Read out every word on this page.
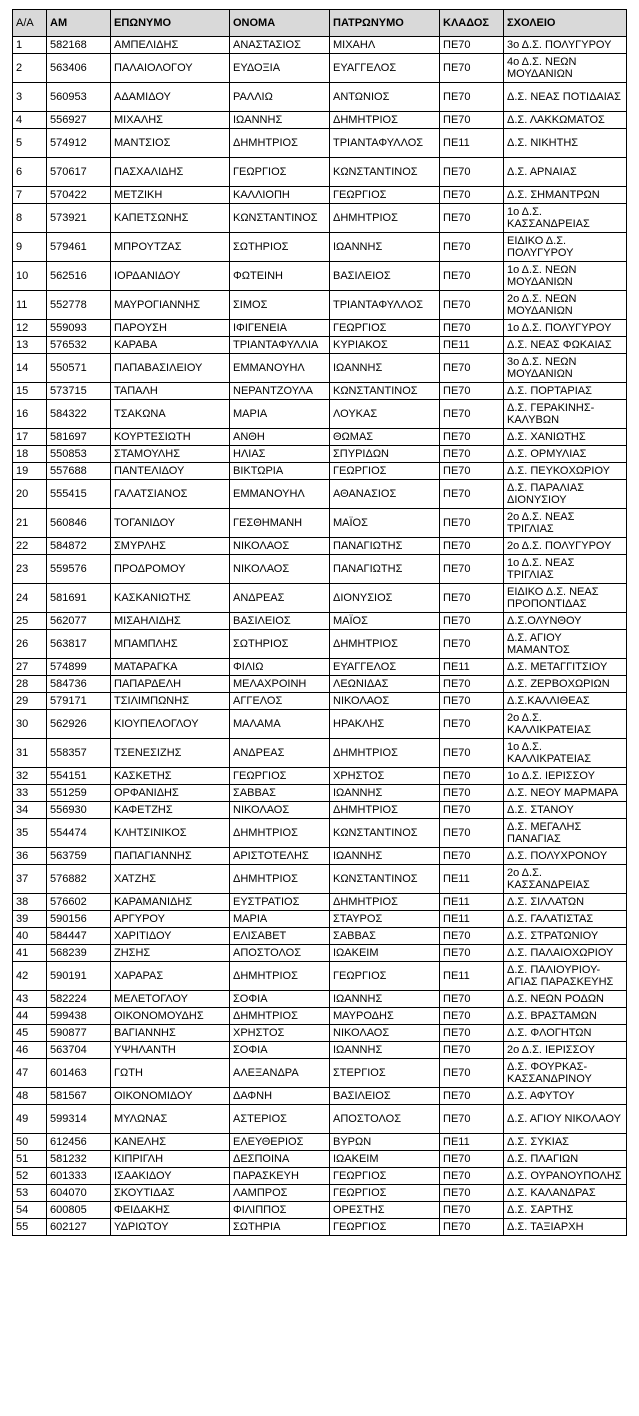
Α/Α	ΑΜ	ΕΠΩΝΥΜΟ	ΟΝΟΜΑ	ΠΑΤΡΩΝΥΜΟ	ΚΛΑΔΟΣ	ΣΧΟΛΕΙΟ
1	582168	ΑΜΠΕΛΙΔΗΣ	ΑΝΑΣΤΑΣΙΟΣ	ΜΙΧΑΗΛ	ΠΕ70	3ο Δ.Σ. ΠΟΛΥΓΥΡΟΥ
2	563406	ΠΑΛΑΙΟΛΟΓΟΥ	ΕΥΔΟΞΙΑ	ΕΥΑΓΓΕΛΟΣ	ΠΕ70	4ο Δ.Σ. ΝΕΩΝ ΜΟΥΔΑΝΙΩΝ
3	560953	ΑΔΑΜΙΔΟΥ	ΡΑΛΛΙΩ	ΑΝΤΩΝΙΟΣ	ΠΕ70	Δ.Σ. ΝΕΑΣ ΠΟΤΙΔΑΙΑΣ
4	556927	ΜΙΧΑΛΗΣ	ΙΩΑΝΝΗΣ	ΔΗΜΗΤΡΙΟΣ	ΠΕ70	Δ.Σ. ΛΑΚΚΩΜΑΤΟΣ
5	574912	ΜΑΝΤΣΙΟΣ	ΔΗΜΗΤΡΙΟΣ	ΤΡΙΑΝΤΑΦΥΛΛΟΣ	ΠΕ11	Δ.Σ. ΝΙΚΗΤΗΣ
6	570617	ΠΑΣΧΑΛΙΔΗΣ	ΓΕΩΡΓΙΟΣ	ΚΩΝΣΤΑΝΤΙΝΟΣ	ΠΕ70	Δ.Σ. ΑΡΝΑΙΑΣ
7	570422	ΜΕΤΖΙΚΗ	ΚΑΛΛΙΟΠΗ	ΓΕΩΡΓΙΟΣ	ΠΕ70	Δ.Σ. ΣΗΜΑΝΤΡΩΝ
8	573921	ΚΑΠΕΤΣΩΝΗΣ	ΚΩΝΣΤΑΝΤΙΝΟΣ	ΔΗΜΗΤΡΙΟΣ	ΠΕ70	1ο Δ.Σ. ΚΑΣΣΑΝΔΡΕΙΑΣ
9	579461	ΜΠΡΟΥΤΖΑΣ	ΣΩΤΗΡΙΟΣ	ΙΩΑΝΝΗΣ	ΠΕ70	ΕΙΔΙΚΟ Δ.Σ. ΠΟΛΥΓΥΡΟΥ
10	562516	ΙΟΡΔΑΝΙΔΟΥ	ΦΩΤΕΙΝΗ	ΒΑΣΙΛΕΙΟΣ	ΠΕ70	1ο Δ.Σ. ΝΕΩΝ ΜΟΥΔΑΝΙΩΝ
11	552778	ΜΑΥΡΟΓΙΑΝΝΗΣ	ΣΙΜΟΣ	ΤΡΙΑΝΤΑΦΥΛΛΟΣ	ΠΕ70	2ο Δ.Σ. ΝΕΩΝ ΜΟΥΔΑΝΙΩΝ
12	559093	ΠΑΡΟΥΣΗ	ΙΦΙΓΕΝΕΙΑ	ΓΕΩΡΓΙΟΣ	ΠΕ70	1ο Δ.Σ. ΠΟΛΥΓΥΡΟΥ
13	576532	ΚΑΡΑΒΑ	ΤΡΙΑΝΤΑΦΥΛΛΙΑ	ΚΥΡΙΑΚΟΣ	ΠΕ11	Δ.Σ. ΝΕΑΣ ΦΩΚΑΙΑΣ
14	550571	ΠΑΠΑΒΑΣΙΛΕΙΟΥ	ΕΜΜΑΝΟΥΗΛ	ΙΩΑΝΝΗΣ	ΠΕ70	3ο Δ.Σ. ΝΕΩΝ ΜΟΥΔΑΝΙΩΝ
15	573715	ΤΑΠΑΛΗ	ΝΕΡΑΝΤΖΟΥΛΑ	ΚΩΝΣΤΑΝΤΙΝΟΣ	ΠΕ70	Δ.Σ. ΠΟΡΤΑΡΙΑΣ
16	584322	ΤΣΑΚΩΝΑ	ΜΑΡΙΑ	ΛΟΥΚΑΣ	ΠΕ70	Δ.Σ. ΓΕΡΑΚΙΝΗΣ-ΚΑΛΥΒΩΝ
17	581697	ΚΟΥΡΤΕΣΙΩΤΗ	ΑΝΘΗ	ΘΩΜΑΣ	ΠΕ70	Δ.Σ. ΧΑΝΙΩΤΗΣ
18	550853	ΣΤΑΜΟΥΛΗΣ	ΗΛΙΑΣ	ΣΠΥΡΙΔΩΝ	ΠΕ70	Δ.Σ. ΟΡΜΥΛΙΑΣ
19	557688	ΠΑΝΤΕΛΙΔΟΥ	ΒΙΚΤΩΡΙΑ	ΓΕΩΡΓΙΟΣ	ΠΕ70	Δ.Σ. ΠΕΥΚΟΧΩΡΙΟΥ
20	555415	ΓΑΛΑΤΣΙΑΝΟΣ	ΕΜΜΑΝΟΥΗΛ	ΑΘΑΝΑΣΙΟΣ	ΠΕ70	Δ.Σ. ΠΑΡΑΛΙΑΣ ΔΙΟΝΥΣΙΟΥ
21	560846	ΤΟΓΑΝΙΔΟΥ	ΓΕΣΘΗΜΑΝΗ	ΜΑΪΟΣ	ΠΕ70	2ο Δ.Σ. ΝΕΑΣ ΤΡΙΓΛΙΑΣ
22	584872	ΣΜΥΡΛΗΣ	ΝΙΚΟΛΑΟΣ	ΠΑΝΑΓΙΩΤΗΣ	ΠΕ70	2ο Δ.Σ. ΠΟΛΥΓΥΡΟΥ
23	559576	ΠΡΟΔΡΟΜΟΥ	ΝΙΚΟΛΑΟΣ	ΠΑΝΑΓΙΩΤΗΣ	ΠΕ70	1ο Δ.Σ. ΝΕΑΣ ΤΡΙΓΛΙΑΣ
24	581691	ΚΑΣΚΑΝΙΩΤΗΣ	ΑΝΔΡΕΑΣ	ΔΙΟΝΥΣΙΟΣ	ΠΕ70	ΕΙΔΙΚΟ Δ.Σ. ΝΕΑΣ ΠΡΟΠΟΝΤΙΔΑΣ
25	562077	ΜΙΣΑΗΛΙΔΗΣ	ΒΑΣΙΛΕΙΟΣ	ΜΑΪΟΣ	ΠΕ70	Δ.Σ.ΟΛΥΝΘΟΥ
26	563817	ΜΠΑΜΠΛΗΣ	ΣΩΤΗΡΙΟΣ	ΔΗΜΗΤΡΙΟΣ	ΠΕ70	Δ.Σ. ΑΓΙΟΥ ΜΑΜΑΝΤΟΣ
27	574899	ΜΑΤΑΡΑΓΚΑ	ΦΙΛΙΩ	ΕΥΑΓΓΕΛΟΣ	ΠΕ11	Δ.Σ. ΜΕΤΑΓΓΙΤΣΙΟΥ
28	584736	ΠΑΠΑΡΔΕΛΗ	ΜΕΛΑΧΡΟΙΝΗ	ΛΕΩΝΙΔΑΣ	ΠΕ70	Δ.Σ. ΖΕΡΒΟΧΩΡΙΩΝ
29	579171	ΤΣΙΛΙΜΠΩΝΗΣ	ΑΓΓΕΛΟΣ	ΝΙΚΟΛΑΟΣ	ΠΕ70	Δ.Σ.ΚΑΛΛΙΘΕΑΣ
30	562926	ΚΙΟΥΠΕΛΟΓΛΟΥ	ΜΑΛΑΜΑ	ΗΡΑΚΛΗΣ	ΠΕ70	2ο Δ.Σ. ΚΑΛΛΙΚΡΑΤΕΙΑΣ
31	558357	ΤΣΕΝΕΣΙΖΗΣ	ΑΝΔΡΕΑΣ	ΔΗΜΗΤΡΙΟΣ	ΠΕ70	1ο Δ.Σ. ΚΑΛΛΙΚΡΑΤΕΙΑΣ
32	554151	ΚΑΣΚΕΤΗΣ	ΓΕΩΡΓΙΟΣ	ΧΡΗΣΤΟΣ	ΠΕ70	1ο Δ.Σ. ΙΕΡΙΣΣΟΥ
33	551259	ΟΡΦΑΝΙΔΗΣ	ΣΑΒΒΑΣ	ΙΩΑΝΝΗΣ	ΠΕ70	Δ.Σ. ΝΕΟΥ ΜΑΡΜΑΡΑ
34	556930	ΚΑΦΕΤΖΗΣ	ΝΙΚΟΛΑΟΣ	ΔΗΜΗΤΡΙΟΣ	ΠΕ70	Δ.Σ. ΣΤΑΝΟΥ
35	554474	ΚΛΗΤΣΙΝΙΚΟΣ	ΔΗΜΗΤΡΙΟΣ	ΚΩΝΣΤΑΝΤΙΝΟΣ	ΠΕ70	Δ.Σ. ΜΕΓΑΛΗΣ ΠΑΝΑΓΙΑΣ
36	563759	ΠΑΠΑΓΙΑΝΝΗΣ	ΑΡΙΣΤΟΤΕΛΗΣ	ΙΩΑΝΝΗΣ	ΠΕ70	Δ.Σ. ΠΟΛΥΧΡΟΝΟΥ
37	576882	ΧΑΤΖΗΣ	ΔΗΜΗΤΡΙΟΣ	ΚΩΝΣΤΑΝΤΙΝΟΣ	ΠΕ11	2ο Δ.Σ. ΚΑΣΣΑΝΔΡΕΙΑΣ
38	576602	ΚΑΡΑΜΑΝΙΔΗΣ	ΕΥΣΤΡΑΤΙΟΣ	ΔΗΜΗΤΡΙΟΣ	ΠΕ11	Δ.Σ. ΣΙΛΛΑΤΩΝ
39	590156	ΑΡΓΥΡΟΥ	ΜΑΡΙΑ	ΣΤΑΥΡΟΣ	ΠΕ11	Δ.Σ. ΓΑΛΑΤΙΣΤΑΣ
40	584447	ΧΑΡΙΤΙΔΟΥ	ΕΛΙΣΑΒΕΤ	ΣΑΒΒΑΣ	ΠΕ70	Δ.Σ. ΣΤΡΑΤΩΝΙΟΥ
41	568239	ΖΗΣΗΣ	ΑΠΟΣΤΟΛΟΣ	ΙΩΑΚΕΙΜ	ΠΕ70	Δ.Σ. ΠΑΛΑΙΟΧΩΡΙΟΥ
42	590191	ΧΑΡΑΡΑΣ	ΔΗΜΗΤΡΙΟΣ	ΓΕΩΡΓΙΟΣ	ΠΕ11	Δ.Σ. ΠΑΛΙΟΥΡΙΟΥ-ΑΓΙΑΣ ΠΑΡΑΣΚΕΥΗΣ
43	582224	ΜΕΛΕΤΟΓΛΟΥ	ΣΟΦΙΑ	ΙΩΑΝΝΗΣ	ΠΕ70	Δ.Σ. ΝΕΩΝ ΡΟΔΩΝ
44	599438	ΟΙΚΟΝΟΜΟΥΔΗΣ	ΔΗΜΗΤΡΙΟΣ	ΜΑΥΡΟΔΗΣ	ΠΕ70	Δ.Σ. ΒΡΑΣΤΑΜΩΝ
45	590877	ΒΑΓΙΑΝΝΗΣ	ΧΡΗΣΤΟΣ	ΝΙΚΟΛΑΟΣ	ΠΕ70	Δ.Σ. ΦΛΟΓΗΤΩΝ
46	563704	ΥΨΗΛΑΝΤΗ	ΣΟΦΙΑ	ΙΩΑΝΝΗΣ	ΠΕ70	2ο Δ.Σ. ΙΕΡΙΣΣΟΥ
47	601463	ΓΩΤΗ	ΑΛΕΞΑΝΔΡΑ	ΣΤΕΡΓΙΟΣ	ΠΕ70	Δ.Σ. ΦΟΥΡΚΑΣ-ΚΑΣΣΑΝΔΡΙΝΟΥ
48	581567	ΟΙΚΟΝΟΜΙΔΟΥ	ΔΑΦΝΗ	ΒΑΣΙΛΕΙΟΣ	ΠΕ70	Δ.Σ. ΑΦΥΤΟΥ
49	599314	ΜΥΛΩΝΑΣ	ΑΣΤΕΡΙΟΣ	ΑΠΟΣΤΟΛΟΣ	ΠΕ70	Δ.Σ. ΑΓΙΟΥ ΝΙΚΟΛΑΟΥ
50	612456	ΚΑΝΕΛΗΣ	ΕΛΕΥΘΕΡΙΟΣ	ΒΥΡΩΝ	ΠΕ11	Δ.Σ. ΣΥΚΙΑΣ
51	581232	ΚΙΠΡΙΓΛΗ	ΔΕΣΠΟΙΝΑ	ΙΩΑΚΕΙΜ	ΠΕ70	Δ.Σ. ΠΛΑΓΙΩΝ
52	601333	ΙΣΑΑΚΙΔΟΥ	ΠΑΡΑΣΚΕΥΗ	ΓΕΩΡΓΙΟΣ	ΠΕ70	Δ.Σ. ΟΥΡΑΝΟΥΠΟΛΗΣ
53	604070	ΣΚΟΥΤΙΔΑΣ	ΛΑΜΠΡΟΣ	ΓΕΩΡΓΙΟΣ	ΠΕ70	Δ.Σ. ΚΑΛΑΝΔΡΑΣ
54	600805	ΦΕΙΔΑΚΗΣ	ΦΙΛΙΠΠΟΣ	ΟΡΕΣΤΗΣ	ΠΕ70	Δ.Σ. ΣΑΡΤΗΣ
55	602127	ΥΔΡΙΩΤΟΥ	ΣΩΤΗΡΙΑ	ΓΕΩΡΓΙΟΣ	ΠΕ70	Δ.Σ. ΤΑΞΙΑΡΧΗ
